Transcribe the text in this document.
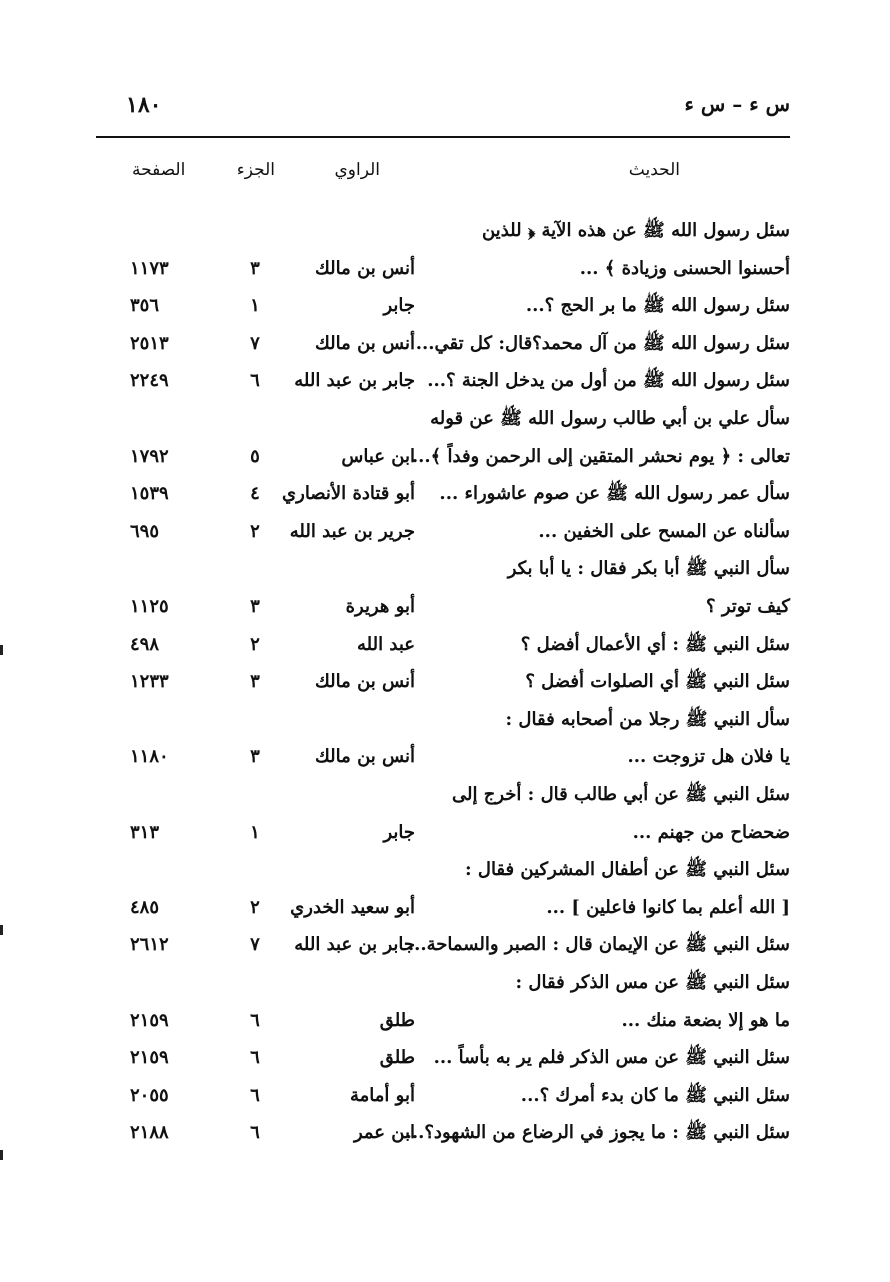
س ء – س ء
١٨٠
الحديث
الراوي
الجزء
الصفحة
سئل رسول الله ﷺ عن هذه الآية ﴿ للذين
أحسنوا الحسنى وزيادة ﴾ ...
أنس بن مالك
٣
١١٧٣
سئل رسول الله ﷺ ما بر الحج ؟...
جابر
١
٣٥٦
سئل رسول الله ﷺ من آل محمد؟قال: كل تقي...
أنس بن مالك
٧
٢٥١٣
سئل رسول الله ﷺ من أول من يدخل الجنة ؟...
جابر بن عبد الله
٦
٢٢٤٩
سأل علي بن أبي طالب رسول الله ﷺ عن قوله
تعالى : ﴿ يوم نحشر المتقين إلى الرحمن وفداً ﴾...
ابن عباس
٥
١٧٩٢
سأل عمر رسول الله ﷺ عن صوم عاشوراء ...
أبو قتادة الأنصاري
٤
١٥٣٩
سألناه عن المسح على الخفين ...
جرير بن عبد الله
٢
٦٩٥
سأل النبي ﷺ أبا بكر فقال : يا أبا بكر
كيف توتر ؟
أبو هريرة
٣
١١٢٥
سئل النبي ﷺ : أي الأعمال أفضل ؟
عبد الله
٢
٤٩٨
سئل النبي ﷺ أي الصلوات أفضل ؟
أنس بن مالك
٣
١٢٣٣
سأل النبي ﷺ رجلا من أصحابه فقال :
يا فلان هل تزوجت ...
أنس بن مالك
٣
١١٨٠
سئل النبي ﷺ عن أبي طالب قال : أخرج إلى
ضحضاح من جهنم ...
جابر
١
٣١٣
سئل النبي ﷺ عن أطفال المشركين فقال :
[ الله أعلم بما كانوا فاعلين ] ...
أبو سعيد الخدري
٢
٤٨٥
سئل النبي ﷺ عن الإيمان قال : الصبر والسماحة...
جابر بن عبد الله
٧
٢٦١٢
سئل النبي ﷺ عن مس الذكر فقال :
ما هو إلا بضعة منك ...
طلق
٦
٢١٥٩
سئل النبي ﷺ عن مس الذكر فلم ير به بأساً ...
طلق
٦
٢١٥٩
سئل النبي ﷺ ما كان بدء أمرك ؟...
أبو أمامة
٦
٢٠٥٥
سئل النبي ﷺ : ما يجوز في الرضاع من الشهود؟...
ابن عمر
٦
٢١٨٨
